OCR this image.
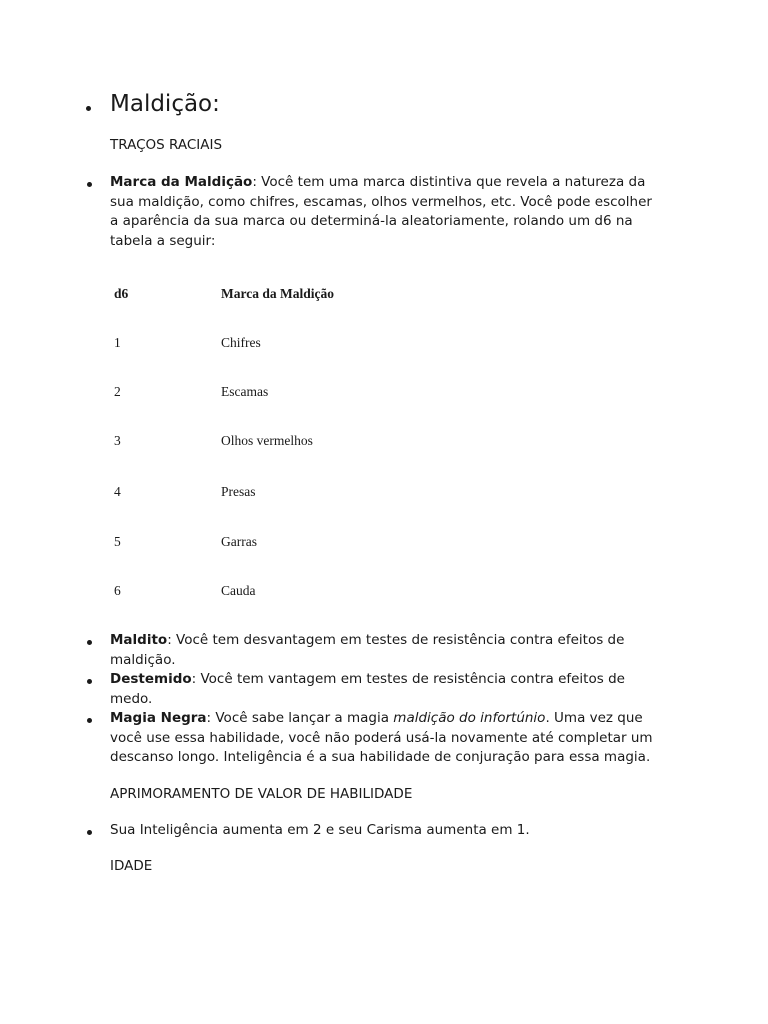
Maldição:
TRAÇOS RACIAIS
Marca da Maldição: Você tem uma marca distintiva que revela a natureza da
sua maldição, como chifres, escamas, olhos vermelhos, etc. Você pode escolher
a aparência da sua marca ou determiná-la aleatoriamente, rolando um d6 na
tabela a seguir:
d6	Marca da Maldição
1	Chifres
2	Escamas
3	Olhos vermelhos
4	Presas
5	Garras
6	Cauda
Maldito: Você tem desvantagem em testes de resistência contra efeitos de
maldição.
Destemido: Você tem vantagem em testes de resistência contra efeitos de
medo.
Magia Negra: Você sabe lançar a magia maldição do infortúnio. Uma vez que
você use essa habilidade, você não poderá usá-la novamente até completar um
descanso longo. Inteligência é a sua habilidade de conjuração para essa magia.
APRIMORAMENTO DE VALOR DE HABILIDADE
Sua Inteligência aumenta em 2 e seu Carisma aumenta em 1.
IDADE
